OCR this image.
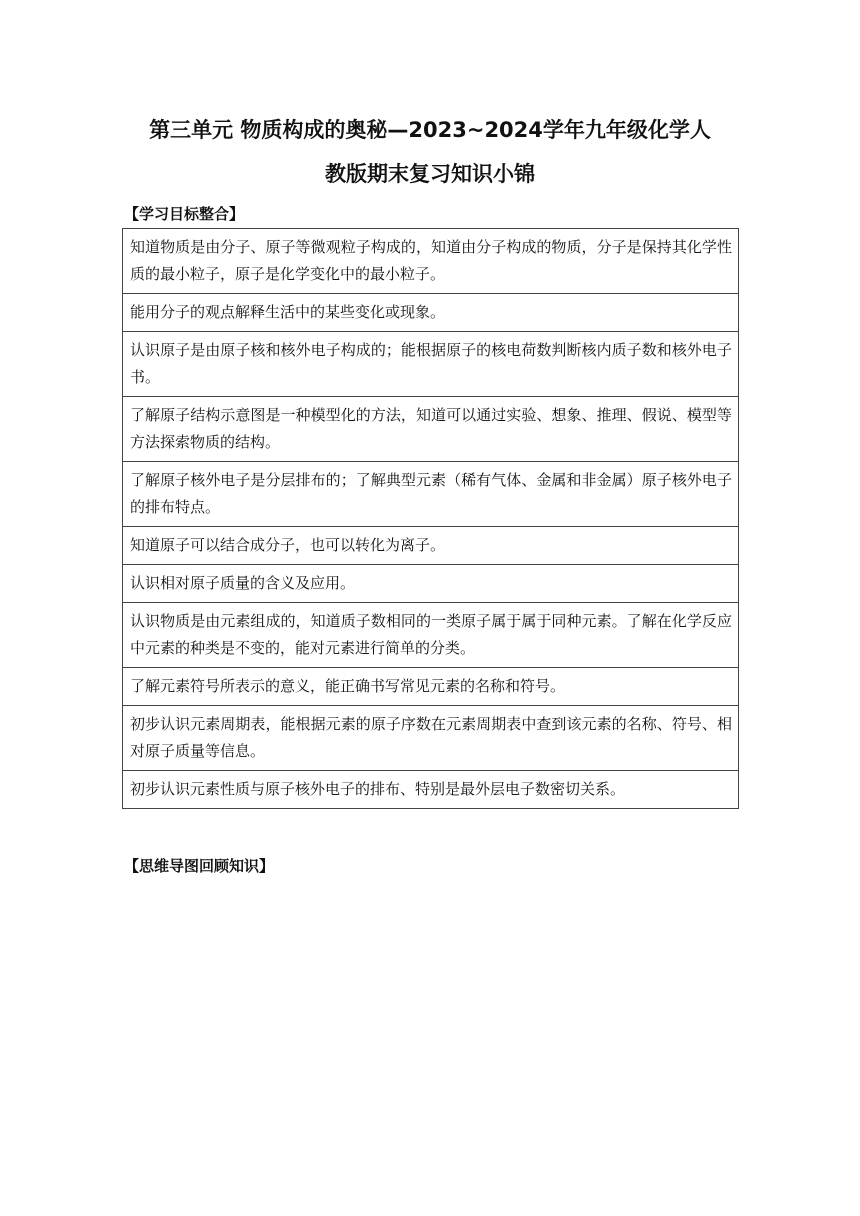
第三单元 物质构成的奥秘—2023~2024学年九年级化学人
教版期末复习知识小锦
【学习目标整合】
知道物质是由分子、原子等微观粒子构成的，知道由分子构成的物质，分子是保持其化学性质的最小粒子，原子是化学变化中的最小粒子。
能用分子的观点解释生活中的某些变化或现象。
认识原子是由原子核和核外电子构成的；能根据原子的核电荷数判断核内质子数和核外电子书。
了解原子结构示意图是一种模型化的方法，知道可以通过实验、想象、推理、假说、模型等方法探索物质的结构。
了解原子核外电子是分层排布的；了解典型元素（稀有气体、金属和非金属）原子核外电子的排布特点。
知道原子可以结合成分子，也可以转化为离子。
认识相对原子质量的含义及应用。
认识物质是由元素组成的，知道质子数相同的一类原子属于属于同种元素。了解在化学反应中元素的种类是不变的，能对元素进行简单的分类。
了解元素符号所表示的意义，能正确书写常见元素的名称和符号。
初步认识元素周期表，能根据元素的原子序数在元素周期表中查到该元素的名称、符号、相对原子质量等信息。
初步认识元素性质与原子核外电子的排布、特别是最外层电子数密切关系。
【思维导图回顾知识】
